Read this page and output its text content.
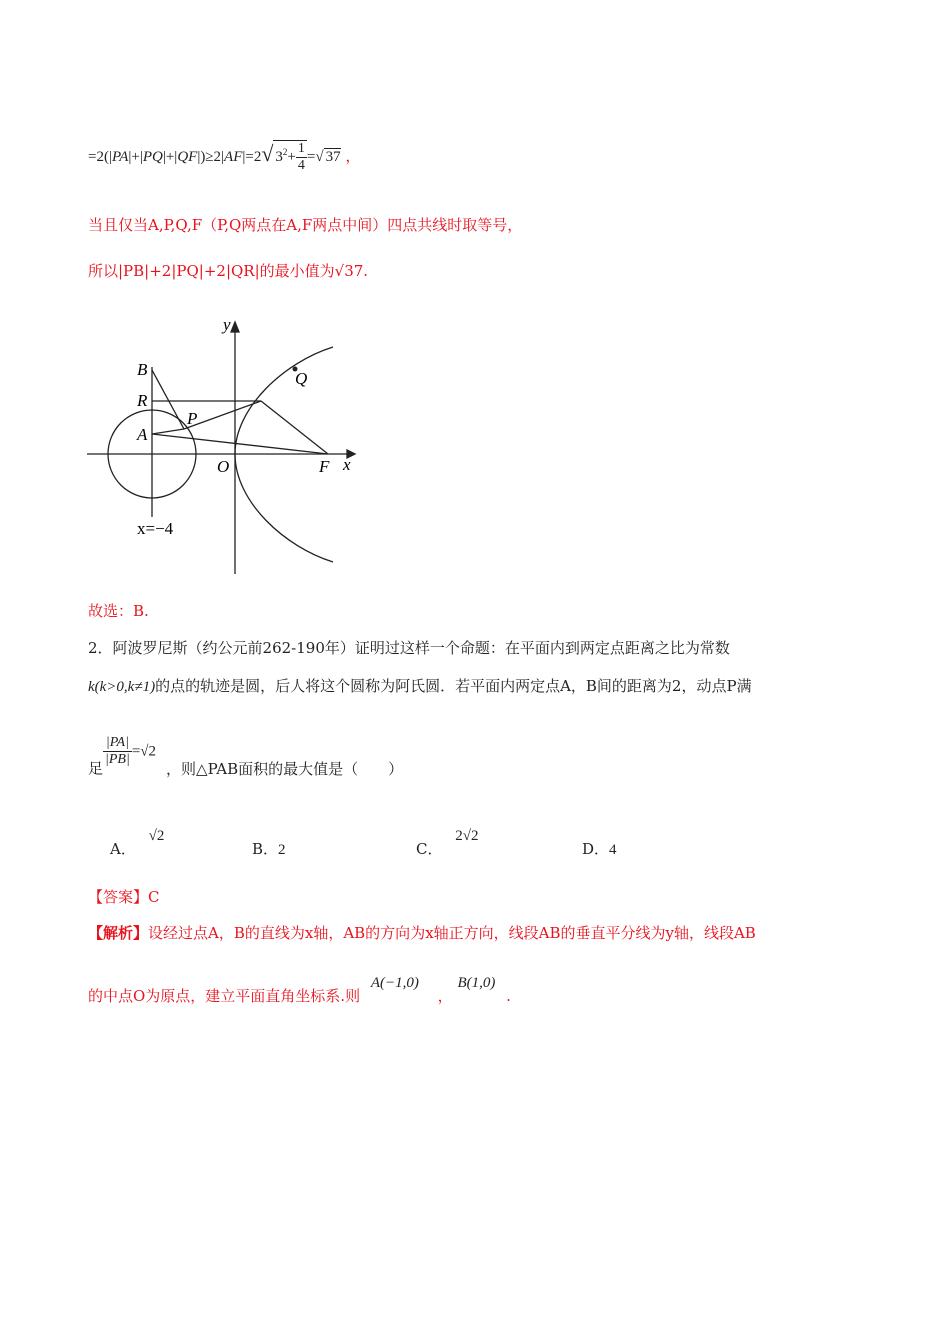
=2(|PA|+|PQ|+|QF|)≥2|AF|=2√ $3^2+ \frac{1}{4}$ =√ 37 ，
当且仅当A,P,Q,F（P,Q两点在A,F两点中间）四点共线时取等号，
所以|PB|+2|PQ|+2|QR|的最小值为√37.
y
x
B
R
A
P
Q
O	F
x=−4
故选：B.
2．阿波罗尼斯（约公元前262-190年）证明过这样一个命题：在平面内到两定点距离之比为常数
k(k>0,k≠1)的点的轨迹是圆，后人将这个圆称为阿氏圆．若平面内两定点A，B间的距离为2，动点P满
足
$\frac{|PA|}{|PB|} =√2$，则△PAB面积的最大值是（　　）
A． √2
B．2	C． 2√2
D．4
【答案】C
【解析】设经过点A，B的直线为x轴，AB的方向为x轴正方向，线段AB的垂直平分线为y轴，线段AB
的中点O为原点，建立平面直角坐标系.则 A(−1,0) ， B(1,0) .
